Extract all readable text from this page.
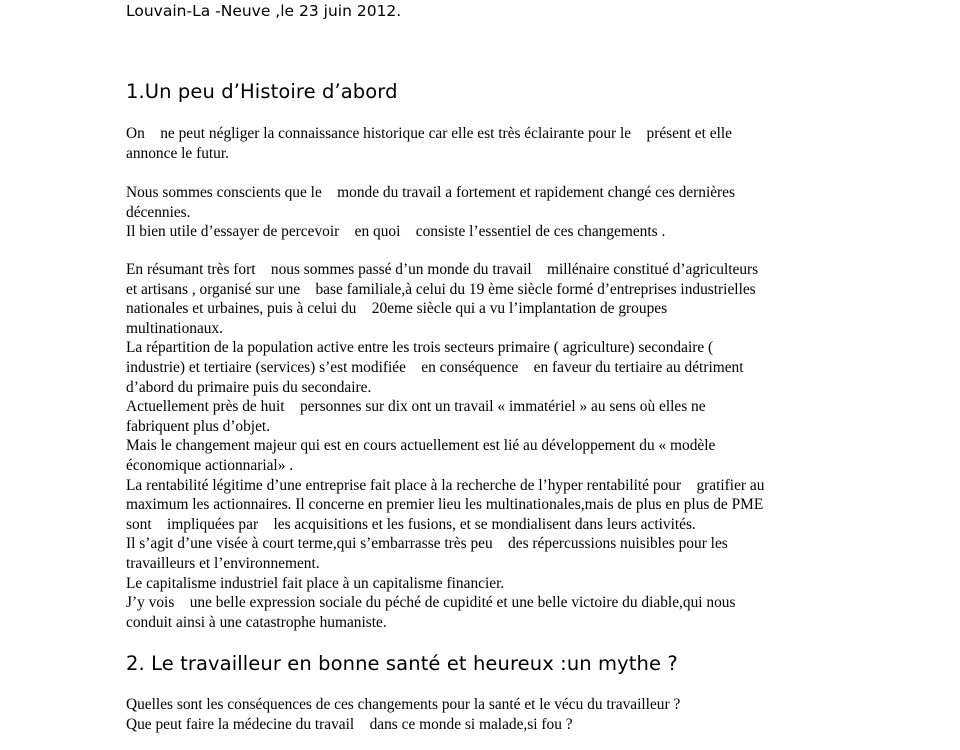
Louvain-La -Neuve ,le 23 juin 2012.
1.Un peu d’Histoire d’abord
On    ne peut négliger la connaissance historique car elle est très éclairante pour le    présent et elle
annonce le futur.
Nous sommes conscients que le    monde du travail a fortement et rapidement changé ces dernières
décennies.
Il bien utile d’essayer de percevoir    en quoi    consiste l’essentiel de ces changements .
En résumant très fort    nous sommes passé d’un monde du travail    millénaire constitué d’agriculteurs
et artisans , organisé sur une    base familiale,à celui du 19 ème siècle formé d’entreprises industrielles
nationales et urbaines, puis à celui du    20eme siècle qui a vu l’implantation de groupes
multinationaux.
La répartition de la population active entre les trois secteurs primaire ( agriculture) secondaire (
industrie) et tertiaire (services) s’est modifiée    en conséquence    en faveur du tertiaire au détriment
d’abord du primaire puis du secondaire.
Actuellement près de huit    personnes sur dix ont un travail « immatériel » au sens où elles ne
fabriquent plus d’objet.
Mais le changement majeur qui est en cours actuellement est lié au développement du « modèle
économique actionnarial» .
La rentabilité légitime d’une entreprise fait place à la recherche de l’hyper rentabilité pour    gratifier au
maximum les actionnaires. Il concerne en premier lieu les multinationales,mais de plus en plus de PME
sont    impliquées par    les acquisitions et les fusions, et se mondialisent dans leurs activités.
Il s’agit d’une visée à court terme,qui s’embarrasse très peu    des répercussions nuisibles pour les
travailleurs et l’environnement.
Le capitalisme industriel fait place à un capitalisme financier.
J’y vois    une belle expression sociale du péché de cupidité et une belle victoire du diable,qui nous
conduit ainsi à une catastrophe humaniste.
2. Le travailleur en bonne santé et heureux :un mythe ?
Quelles sont les conséquences de ces changements pour la santé et le vécu du travailleur ?
Que peut faire la médecine du travail    dans ce monde si malade,si fou ?
